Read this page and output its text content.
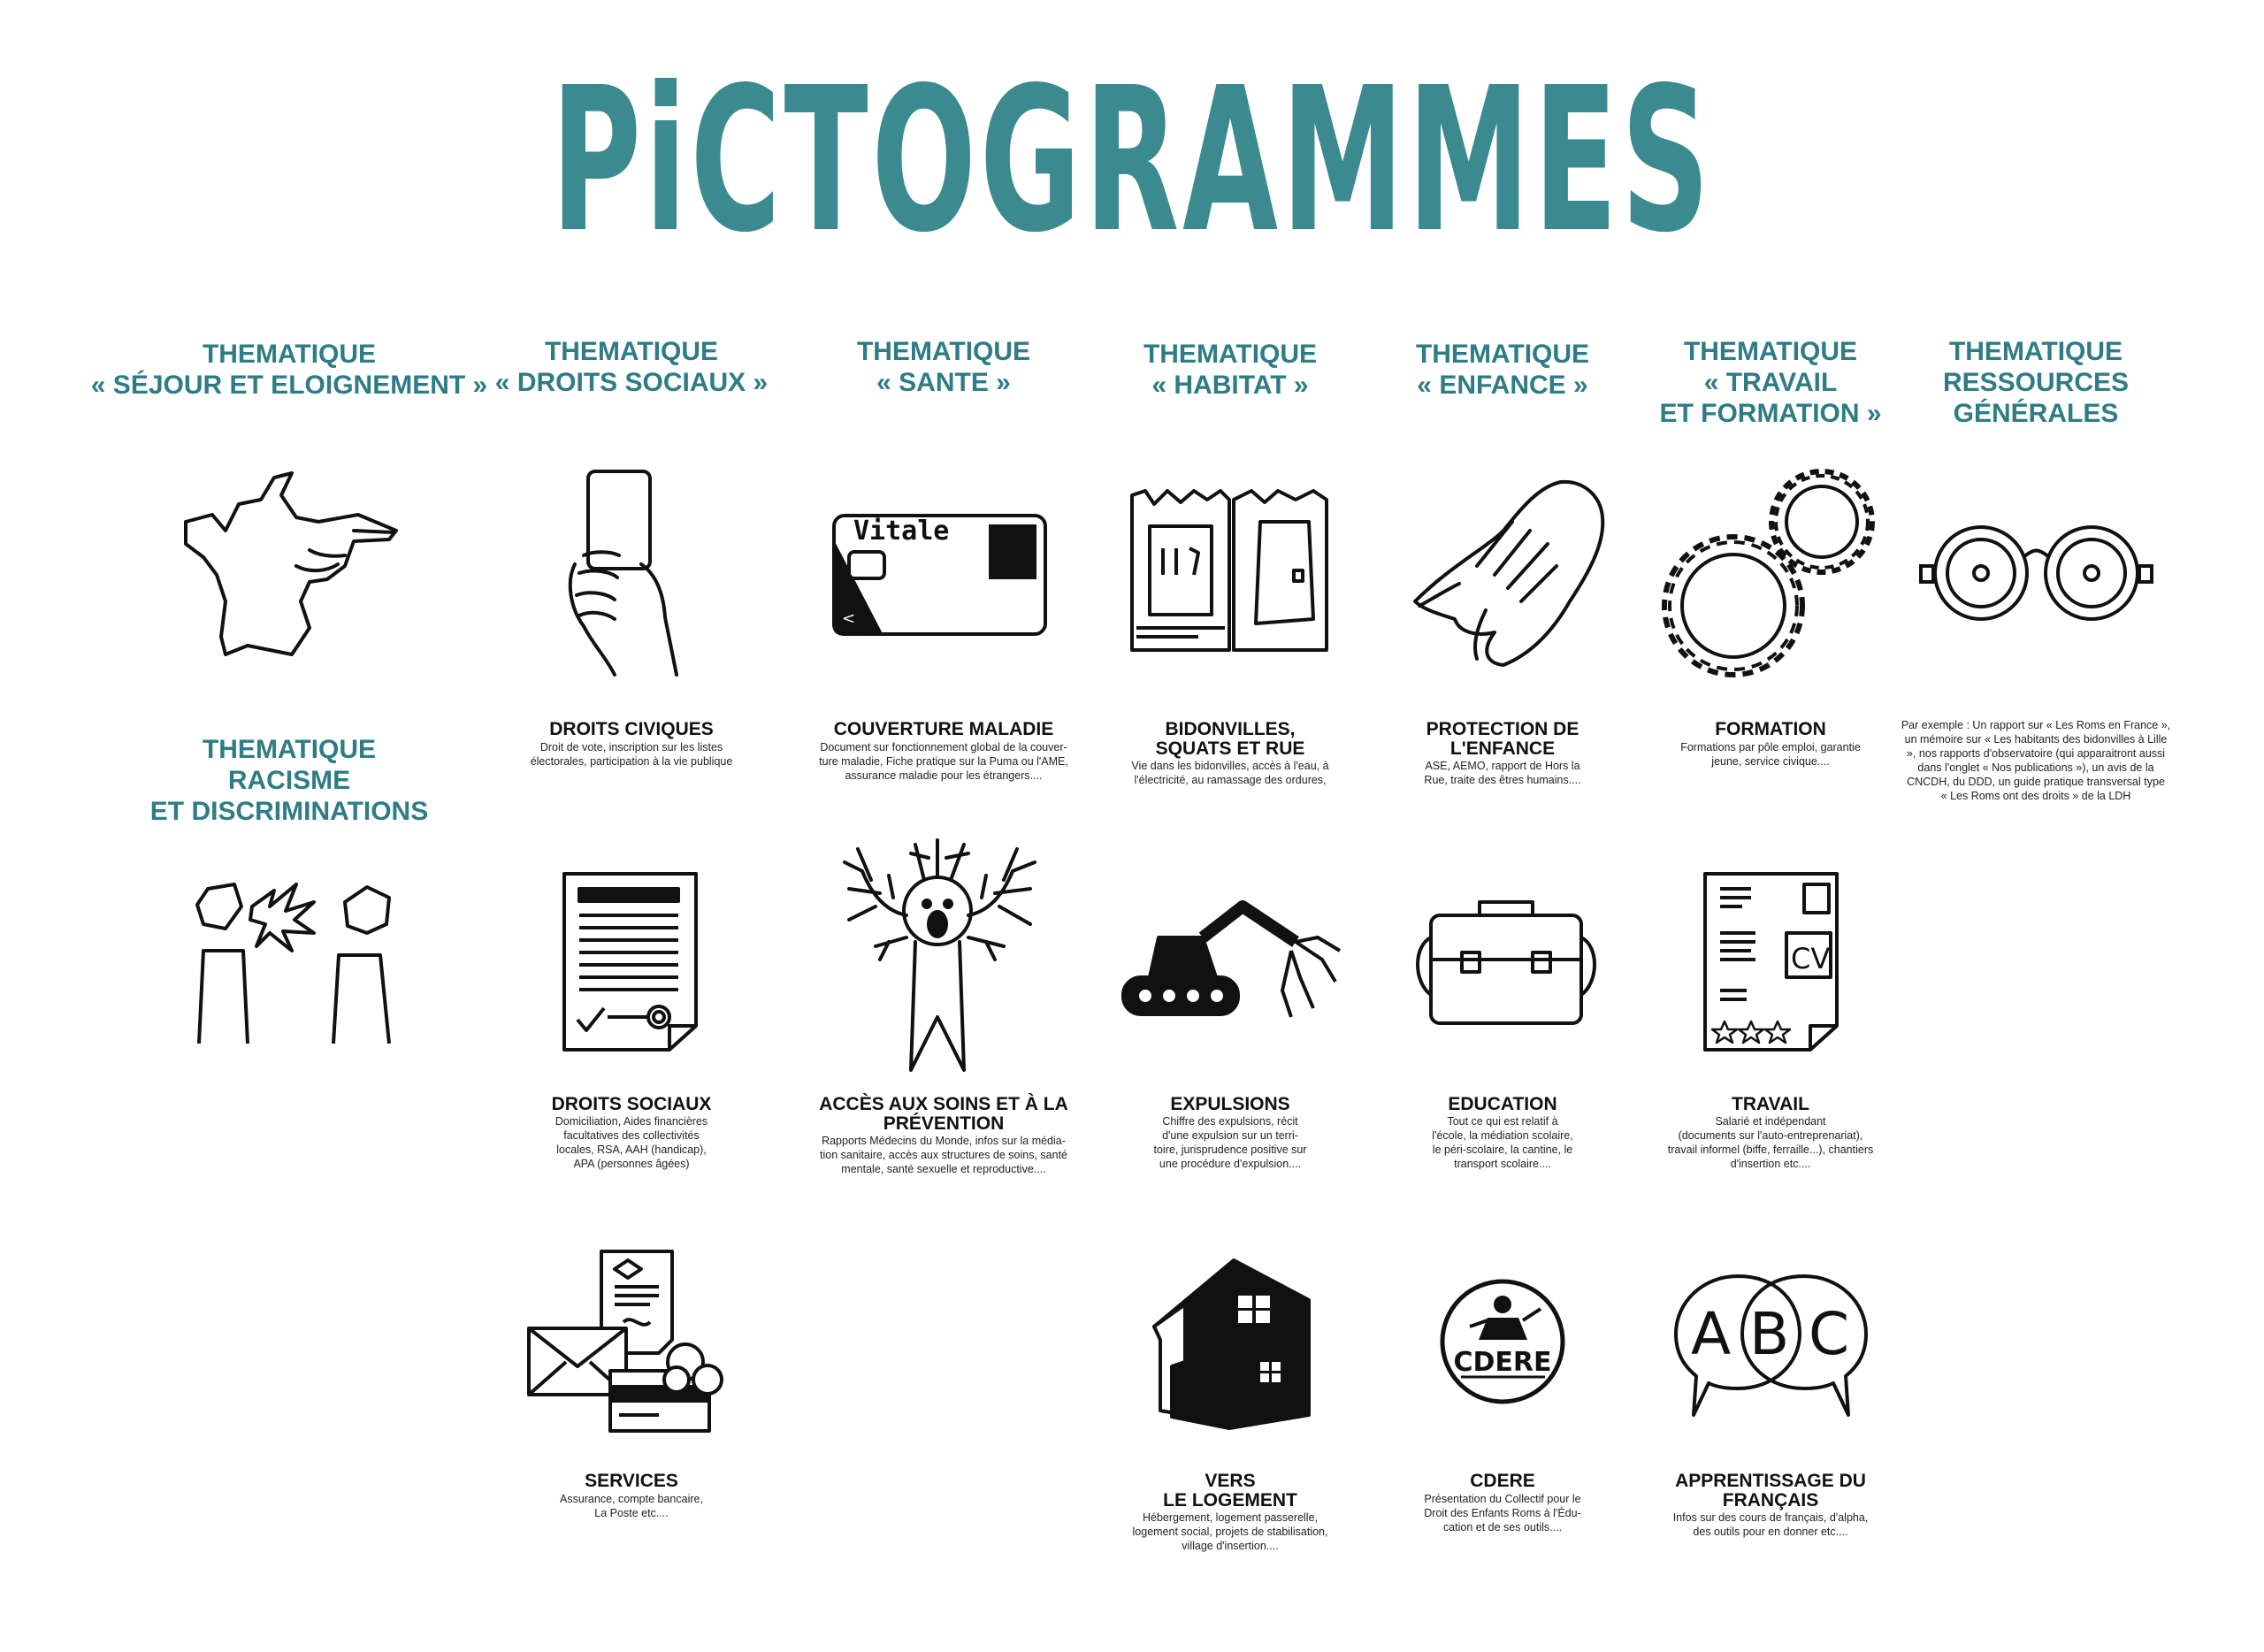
PiCTOGRAMMES
THEMATIQUE
« SÉJOUR ET ELOIGNEMENT »
THEMATIQUE
« DROITS SOCIAUX »
THEMATIQUE
« SANTE »
THEMATIQUE
« HABITAT »
THEMATIQUE
« ENFANCE »
THEMATIQUE
« TRAVAIL
ET FORMATION »
THEMATIQUE
RESSOURCES
GÉNÉRALES
THEMATIQUE
RACISME
ET DISCRIMINATIONS
Vitale
<
DROITS CIVIQUES
Droit de vote, inscription sur les listes
électorales, participation à la vie publique
COUVERTURE MALADIE
Document sur fonctionnement global de la couver-
ture maladie, Fiche pratique sur la Puma ou l'AME,
assurance maladie pour les étrangers....
BIDONVILLES,
SQUATS ET RUE
Vie dans les bidonvilles, accès à l'eau, à
l'électricité, au ramassage des ordures,
PROTECTION DE
L'ENFANCE
ASE, AEMO, rapport de Hors la
Rue, traite des êtres humains....
FORMATION
Formations par pôle emploi, garantie
jeune, service civique....
Par exemple : Un rapport sur « Les Roms en France »,
un mémoire sur « Les habitants des bidonvilles à Lille
», nos rapports d'observatoire (qui apparaitront aussi
dans l'onglet « Nos publications »), un avis de la
CNCDH, du DDD, un guide pratique transversal type
« Les Roms ont des droits » de la LDH
CV
DROITS SOCIAUX
Domiciliation, Aides financières
facultatives des collectivités
locales, RSA, AAH (handicap),
APA (personnes âgées)
ACCÈS AUX SOINS ET À LA
PRÉVENTION
Rapports Médecins du Monde, infos sur la média-
tion sanitaire, accès aux structures de soins, santé
mentale, santé sexuelle et reproductive....
EXPULSIONS
Chiffre des expulsions, récit
d'une expulsion sur un terri-
toire, jurisprudence positive sur
une procédure d'expulsion....
EDUCATION
Tout ce qui est relatif à
l'école, la médiation scolaire,
le péri-scolaire, la cantine, le
transport scolaire....
TRAVAIL
Salarié et indépendant
(documents sur l'auto-entreprenariat),
travail informel (biffe, ferraille...), chantiers
d'insertion etc....
CDERE A B C
SERVICES
Assurance, compte bancaire,
La Poste etc....
VERS
LE LOGEMENT
Hébergement, logement passerelle,
logement social, projets de stabilisation,
village d'insertion....
CDERE
Présentation du Collectif pour le
Droit des Enfants Roms à l'Édu-
cation et de ses outils....
APPRENTISSAGE DU
FRANÇAIS
Infos sur des cours de français, d'alpha,
des outils pour en donner etc....
